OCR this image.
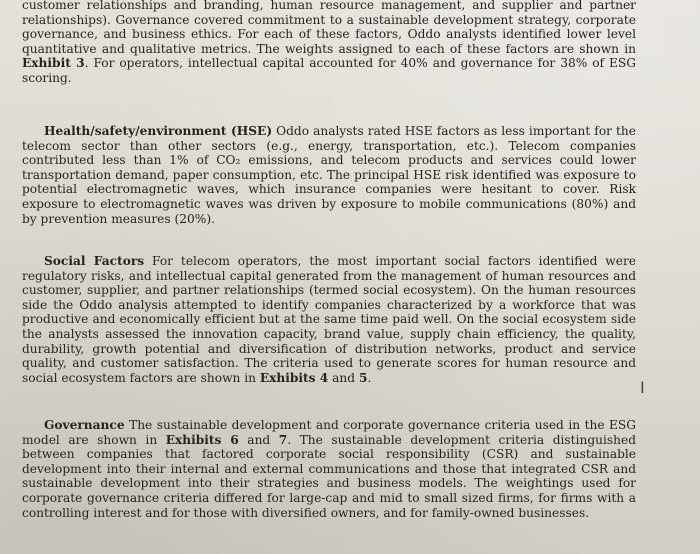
customer relationships and branding, human resource management, and supplier and partner relationships). Governance covered commitment to a sustainable development strategy, corporate governance, and business ethics. For each of these factors, Oddo analysts identified lower level quantitative and qualitative metrics. The weights assigned to each of these factors are shown in Exhibit 3. For operators, intellectual capital accounted for 40% and governance for 38% of ESG scoring.

Health/safety/environment (HSE) Oddo analysts rated HSE factors as less important for the telecom sector than other sectors (e.g., energy, transportation, etc.). Telecom companies contributed less than 1% of CO₂ emissions, and telecom products and services could lower transportation demand, paper consumption, etc. The principal HSE risk identified was exposure to potential electromagnetic waves, which insurance companies were hesitant to cover. Risk exposure to electromagnetic waves was driven by exposure to mobile communications (80%) and by prevention measures (20%).

Social Factors For telecom operators, the most important social factors identified were regulatory risks, and intellectual capital generated from the management of human resources and customer, supplier, and partner relationships (termed social ecosystem). On the human resources side the Oddo analysis attempted to identify companies characterized by a workforce that was productive and economically efficient but at the same time paid well. On the social ecosystem side the analysts assessed the innovation capacity, brand value, supply chain efficiency, the quality, durability, growth potential and diversification of distribution networks, product and service quality, and customer satisfaction. The criteria used to generate scores for human resource and social ecosystem factors are shown in Exhibits 4 and 5.

Governance The sustainable development and corporate governance criteria used in the ESG model are shown in Exhibits 6 and 7. The sustainable development criteria distinguished between companies that factored corporate social responsibility (CSR) and sustainable development into their internal and external communications and those that integrated CSR and sustainable development into their strategies and business models. The weightings used for corporate governance criteria differed for large-cap and mid to small sized firms, for firms with a controlling interest and for those with diversified owners, and for family-owned businesses.

I
